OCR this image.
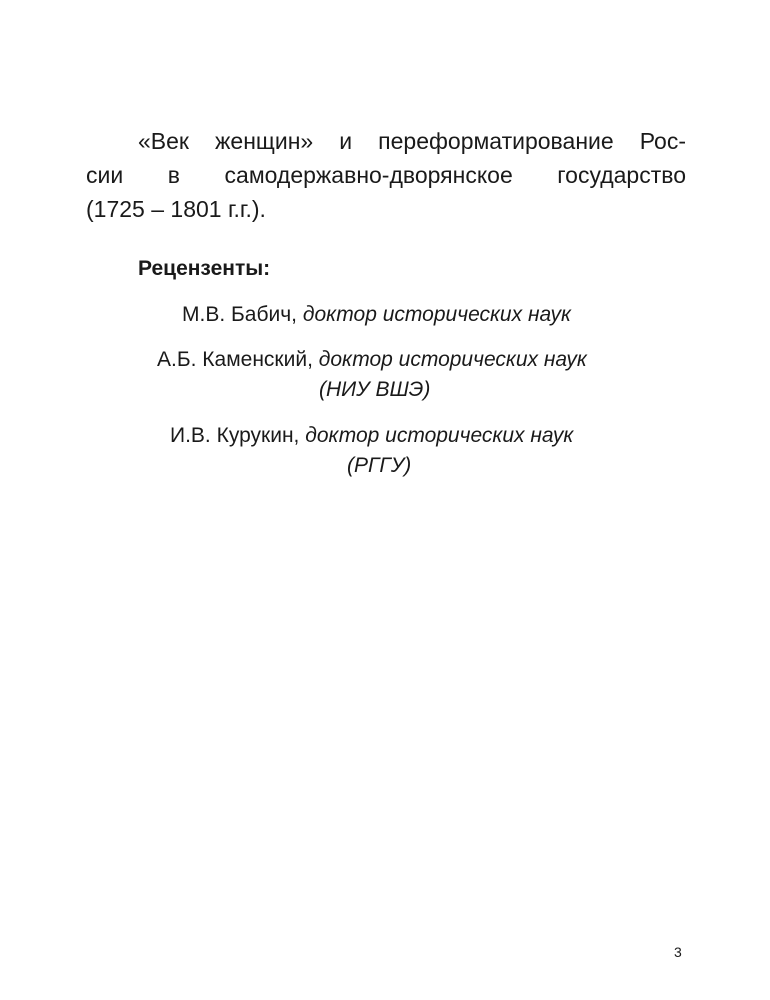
«Век женщин» и переформатирование Рос-
сии в самодержавно-дворянское государство
(1725 – 1801 г.г.).

Рецензенты:

М.В. Бабич, доктор исторических наук

А.Б. Каменский, доктор исторических наук
(НИУ ВШЭ)

И.В. Курукин, доктор исторических наук
(РГГУ)

3
